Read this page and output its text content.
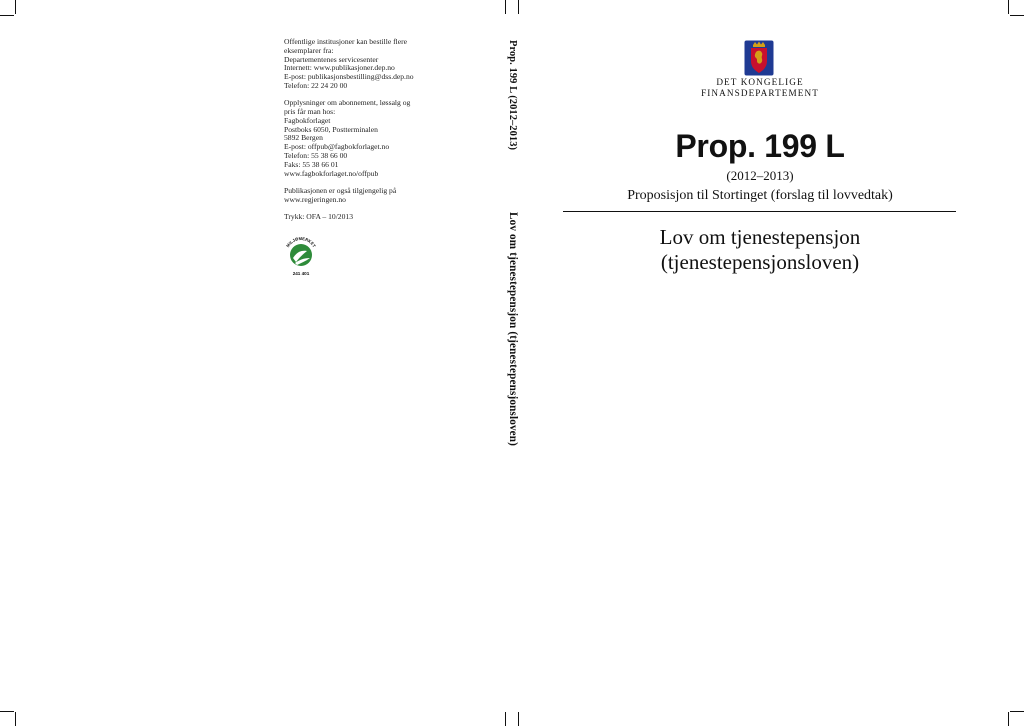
Offentlige institusjoner kan bestille flere
eksemplarer fra:
Departementenes servicesenter
Internett: www.publikasjoner.dep.no
E-post: publikasjonsbestilling@dss.dep.no
Telefon: 22 24 20 00
Opplysninger om abonnement, løssalg og
pris får man hos:
Fagbokforlaget
Postboks 6050, Postterminalen
5892 Bergen
E-post: offpub@fagbokforlaget.no
Telefon: 55 38 66 00
Faks: 55 38 66 01
www.fagbokforlaget.no/offpub
Publikasjonen er også tilgjengelig på
www.regjeringen.no
Trykk: OFA – 10/2013
MILJØMERKET
241 401
Prop. 199 L (2012–2013)
Lov om tjenestepensjon (tjenestepensjonsloven)
DET KONGELIGE
FINANSDEPARTEMENT
Prop. 199 L
(2012–2013)
Proposisjon til Stortinget (forslag til lovvedtak)
Lov om tjenestepensjon
(tjenestepensjonsloven)
